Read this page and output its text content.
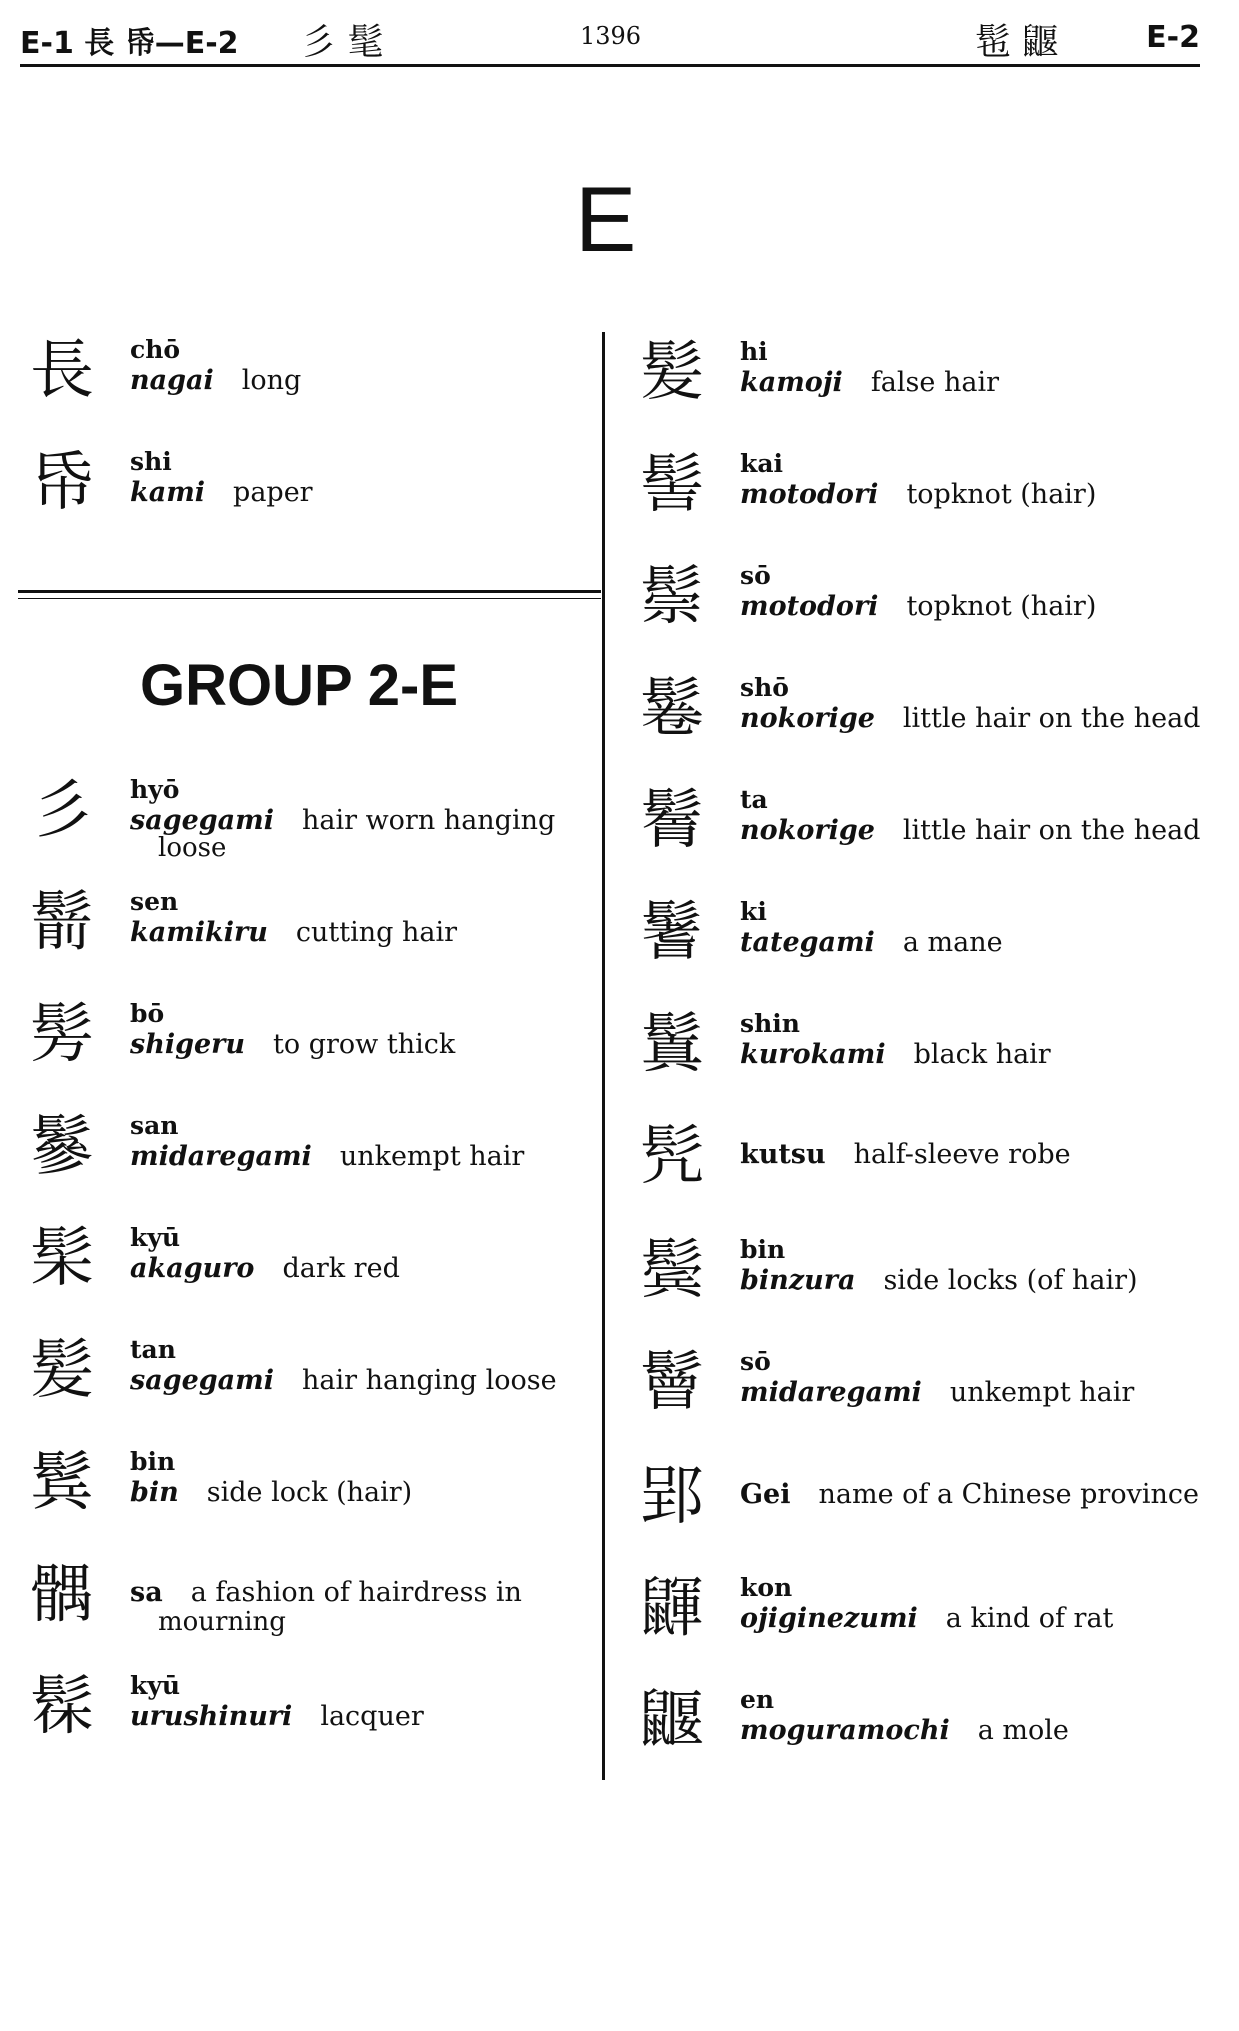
E-1 長 帋—E-2 彡 髦	1396	髢 鼴	E-2
E
GROUP 2-E
長 chō
nagai long
帋 shi
kami paper
彡 hyō
sagegami hair worn hanging
loose
鬋 sen
kamikiru cutting hair
髣 bō
shigeru to grow thick
鬖 san
midaregami unkempt hair
髤 kyū
akaguro dark red
髪 tan
sagegami hair hanging loose
鬂 bin
bin side lock (hair)
髃 sa a fashion of hairdress in
mourning
髹 kyū
urushinuri lacquer
髪 hi
kamoji false hair
髻 kai
motodori topknot (hair)
鬃 sō
motodori topknot (hair)
鬈 shō
nokorige little hair on the head
鬌 ta
nokorige little hair on the head
鬐 ki
tategami a mane
鬒 shin
kurokami black hair
髠 kutsu half-sleeve robe
鬓 bin
binzura side locks (of hair)
鬙 sō
midaregami unkempt hair
郢 Gei name of a Chinese province
鼲 kon
ojiginezumi a kind of rat
鼴 en
moguramochi a mole
